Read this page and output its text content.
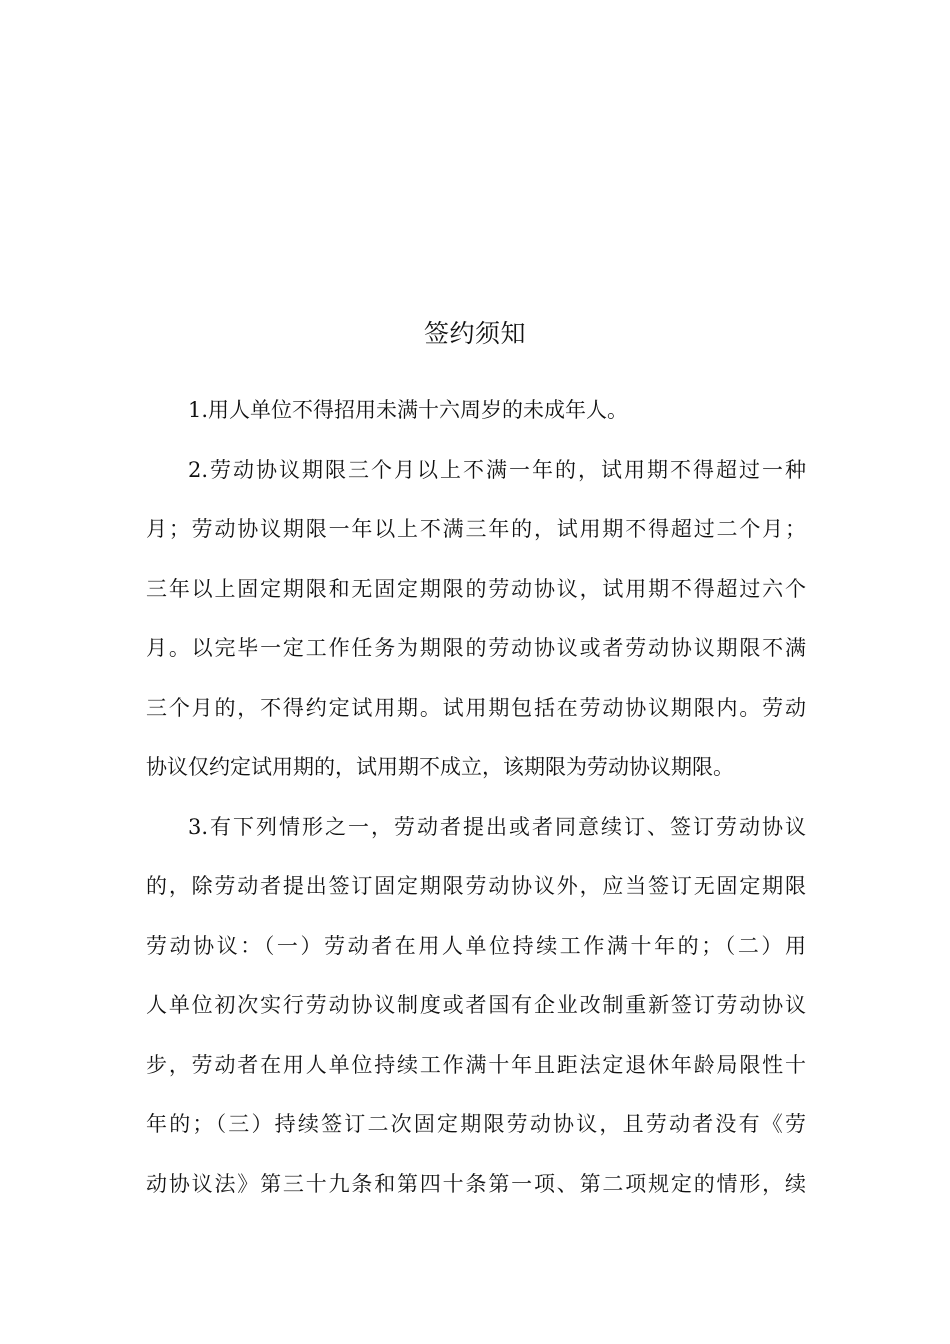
签约须知
1.用人单位不得招用未满十六周岁的未成年人。
2.劳动协议期限三个月以上不满一年的，试用期不得超过一种
月；劳动协议期限一年以上不满三年的，试用期不得超过二个月；
三年以上固定期限和无固定期限的劳动协议，试用期不得超过六个
月。以完毕一定工作任务为期限的劳动协议或者劳动协议期限不满
三个月的，不得约定试用期。试用期包括在劳动协议期限内。劳动
协议仅约定试用期的，试用期不成立，该期限为劳动协议期限。
3.有下列情形之一，劳动者提出或者同意续订、签订劳动协议
的，除劳动者提出签订固定期限劳动协议外，应当签订无固定期限
劳动协议：（一）劳动者在用人单位持续工作满十年的；（二）用
人单位初次实行劳动协议制度或者国有企业改制重新签订劳动协议
步，劳动者在用人单位持续工作满十年且距法定退休年龄局限性十
年的；（三）持续签订二次固定期限劳动协议，且劳动者没有《劳
动协议法》第三十九条和第四十条第一项、第二项规定的情形，续
